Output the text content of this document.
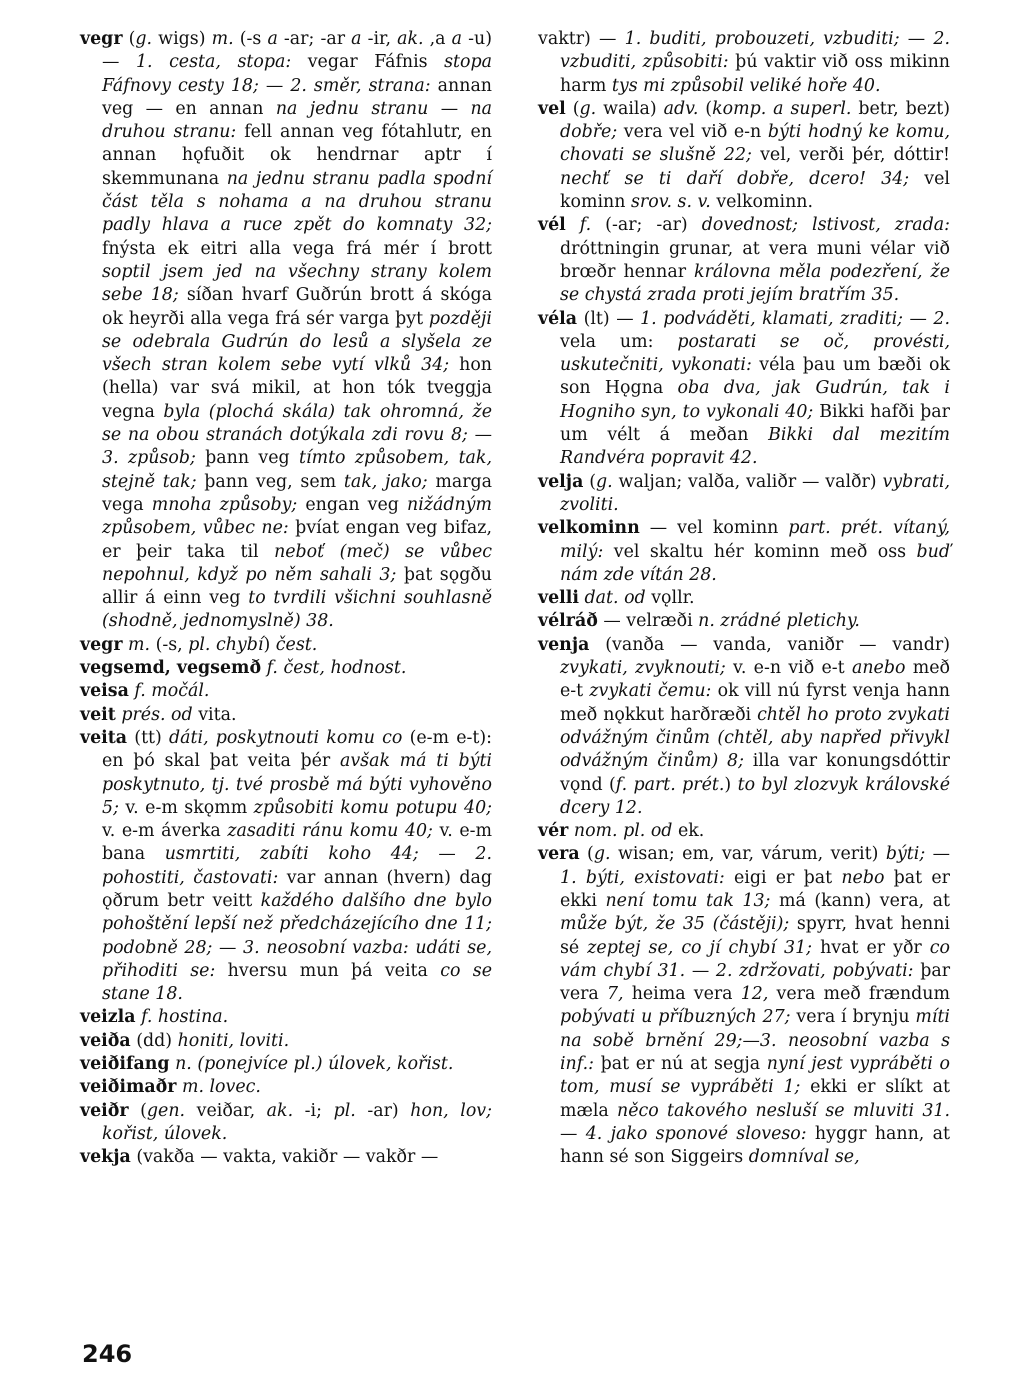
vegr (g. wigs) m. (-s a -ar; -ar a -ir, ak. ,a a -u) — 1. cesta, stopa: vegar Fáfnis stopa Fáfnovy cesty 18; — 2. směr, strana: annan veg — en annan na jednu stranu — na druhou stranu: fell annan veg fótahlutr, en annan hǫfuðit ok hendrnar aptr í skemmunana na jednu stranu padla spodní část těla s nohama a na druhou stranu padly hlava a ruce zpět do komnaty 32; fnýsta ek eitri alla vega frá mér í brott soptil jsem jed na všechny strany kolem sebe 18; síðan hvarf Guðrún brott á skóga ok heyrði alla vega frá sér varga þyt později se odebrala Gudrún do lesů a slyšela ze všech stran kolem sebe vytí vlků 34; hon (hella) var svá mikil, at hon tók tveggja vegna byla (plochá skála) tak ohromná, že se na obou stranách dotýkala zdi rovu 8; — 3. způsob; þann veg tímto způsobem, tak, stejně tak; þann veg, sem tak, jako; marga vega mnoha způsoby; engan veg nižádným způsobem, vůbec ne: þvíat engan veg bifaz, er þeir taka til neboť (meč) se vůbec nepohnul, když po něm sahali 3; þat sǫgðu allir á einn veg to tvrdili všichni souhlasně (shodně, jednomyslně) 38.

vegr m. (-s, pl. chybí) čest.

vegsemd, vegsemð f. čest, hodnost.

veisa f. močál.

veit prés. od vita.

veita (tt) dáti, poskytnouti komu co (e-m e-t): en þó skal þat veita þér avšak má ti býti poskytnuto, tj. tvé prosbě má býti vyhověno 5; v. e-m skǫmm způsobiti komu potupu 40; v. e-m áverka zasaditi ránu komu 40; v. e-m bana usmrtiti, zabíti koho 44; — 2. pohostiti, častovati: var annan (hvern) dag ǫðrum betr veitt každého dalšího dne bylo pohoštění lepší než předcházejícího dne 11; podobně 28; — 3. neosobní vazba: udáti se, přihoditi se: hversu mun þá veita co se stane 18.

veizla f. hostina.

veiða (dd) honiti, loviti.

veiðifang n. (ponejvíce pl.) úlovek, kořist.

veiðimaðr m. lovec.

veiðr (gen. veiðar, ak. -i; pl. -ar) hon, lov; kořist, úlovek.

vekja (vakða — vakta, vakiðr — vakðr —

vaktr) — 1. buditi, probouzeti, vzbuditi; — 2. vzbuditi, způsobiti: þú vaktir við oss mikinn harm tys mi způsobil veliké hoře 40.

vel (g. waila) adv. (komp. a superl. betr, bezt) dobře; vera vel við e-n býti hodný ke komu, chovati se slušně 22; vel, verði þér, dóttir! nechť se ti daří dobře, dcero! 34; vel kominn srov. s. v. velkominn.

vél f. (-ar; -ar) dovednost; lstivost, zrada: dróttningin grunar, at vera muni vélar við brœðr hennar královna měla podezření, že se chystá zrada proti jejím bratřím 35.

véla (lt) — 1. podváděti, klamati, zraditi; — 2. vela um: postarati se oč, provésti, uskutečniti, vykonati: véla þau um bæði ok son Hǫgna oba dva, jak Gudrún, tak i Hogniho syn, to vykonali 40; Bikki hafði þar um vélt á meðan Bikki dal mezitím Randvéra popravit 42.

velja (g. waljan; valða, valiðr — valðr) vybrati, zvoliti.

velkominn — vel kominn part. prét. vítaný, milý: vel skaltu hér kominn með oss buď nám zde vítán 28.

velli dat. od vǫllr.

vélráð — velræði n. zrádné pletichy.

venja (vanða — vanda, vaniðr — vandr) zvykati, zvyknouti; v. e-n við e-t anebo með e-t zvykati čemu: ok vill nú fyrst venja hann með nǫkkut harðræði chtěl ho proto zvykati odvážným činům (chtěl, aby napřed přivykl odvážným činům) 8; illa var konungsdóttir vǫnd (f. part. prét.) to byl zlozvyk královské dcery 12.

vér nom. pl. od ek.

vera (g. wisan; em, var, várum, verit) býti; — 1. býti, existovati: eigi er þat nebo þat er ekki není tomu tak 13; má (kann) vera, at může být, že 35 (částěji); spyrr, hvat henni sé zeptej se, co jí chybí 31; hvat er yðr co vám chybí 31. — 2. zdržovati, pobývati: þar vera 7, heima vera 12, vera með frændum pobývati u příbuzných 27; vera í brynju míti na sobě brnění 29;—3. neosobní vazba s inf.: þat er nú at segja nyní jest vypráběti o tom, musí se vypráběti 1; ekki er slíkt at mæla něco takového nesluší se mluviti 31. — 4. jako sponové sloveso: hyggr hann, at hann sé son Siggeirs domníval se,

246
